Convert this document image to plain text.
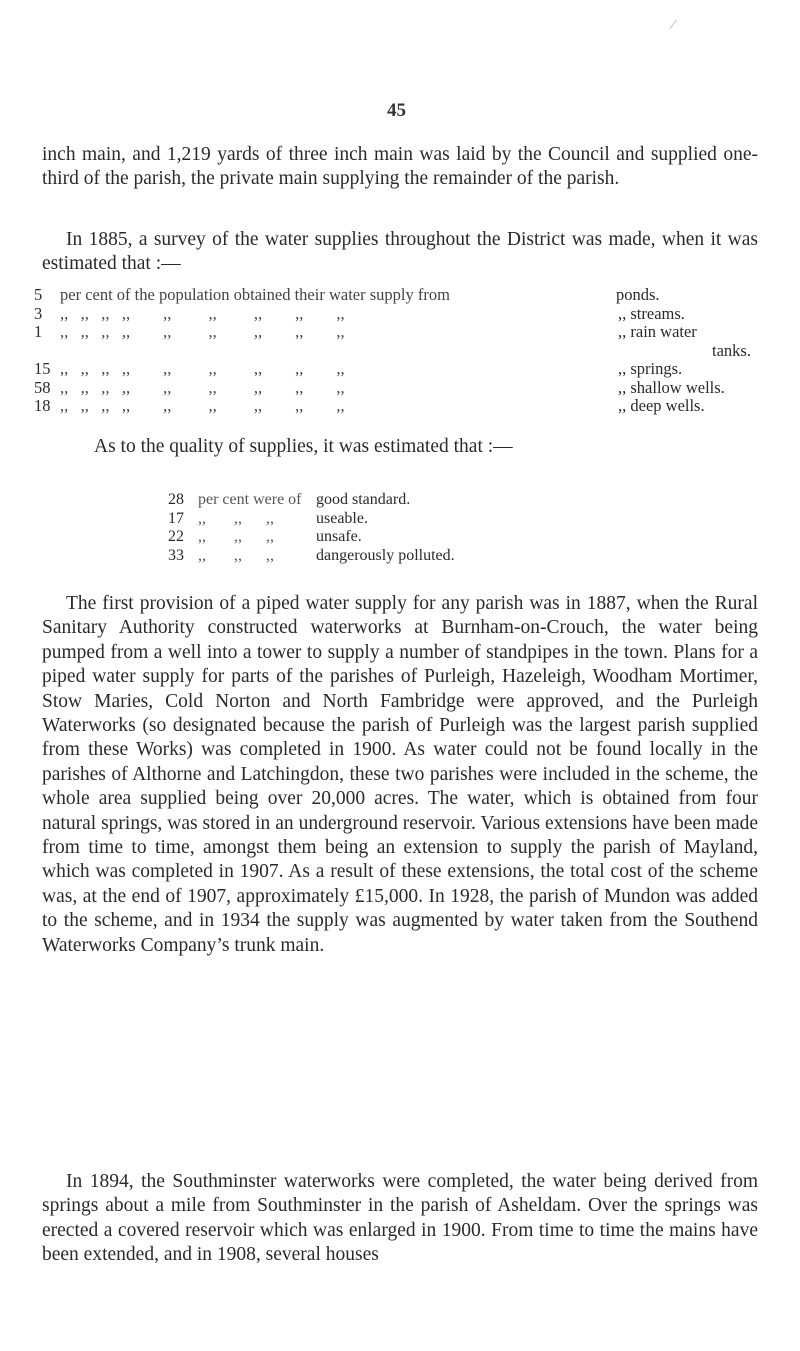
45
⁄

inch main, and 1,219 yards of three inch main was laid by the Council and supplied one-third of the parish, the private main supplying the remainder of the parish.

In 1885, a survey of the water supplies throughout the District was made, when it was estimated that :—

5	per cent of the population obtained their water supply from	ponds.
3	,,   ,,   ,,   ,,        ,,         ,,         ,,        ,,        ,,	,, streams.
1	,,   ,,   ,,   ,,        ,,         ,,         ,,        ,,        ,,	,, rain water
tanks.
15 ,,   ,,   ,,   ,,        ,,         ,,         ,,        ,,        ,,	,, springs.
58 ,,   ,,   ,,   ,,        ,,         ,,         ,,        ,,        ,,	,, shallow wells.
18 ,,   ,,   ,,   ,,        ,,         ,,         ,,        ,,        ,,	,, deep wells.

As to the quality of supplies, it was estimated that :—

28 per cent were of good standard.
17 ,,       ,,      ,,	useable.
22 ,,       ,,      ,,	unsafe.
33 ,,       ,,      ,,	dangerously polluted.

The first provision of a piped water supply for any parish was in 1887, when the Rural Sanitary Authority constructed waterworks at Burnham-on-Crouch, the water being pumped from a well into a tower to supply a number of standpipes in the town. Plans for a piped water supply for parts of the parishes of Purleigh, Hazeleigh, Woodham Mortimer, Stow Maries, Cold Norton and North Fambridge were approved, and the Purleigh Waterworks (so designated because the parish of Purleigh was the largest parish supplied from these Works) was completed in 1900. As water could not be found locally in the parishes of Althorne and Latchingdon, these two parishes were included in the scheme, the whole area supplied being over 20,000 acres. The water, which is obtained from four natural springs, was stored in an underground reservoir. Various extensions have been made from time to time, amongst them being an extension to supply the parish of Mayland, which was completed in 1907. As a result of these extensions, the total cost of the scheme was, at the end of 1907, approximately £15,000. In 1928, the parish of Mundon was added to the scheme, and in 1934 the supply was augmented by water taken from the Southend Waterworks Company’s trunk main.

In 1894, the Southminster waterworks were completed, the water being derived from springs about a mile from Southminster in the parish of Asheldam. Over the springs was erected a covered reservoir which was enlarged in 1900. From time to time the mains have been extended, and in 1908, several houses
